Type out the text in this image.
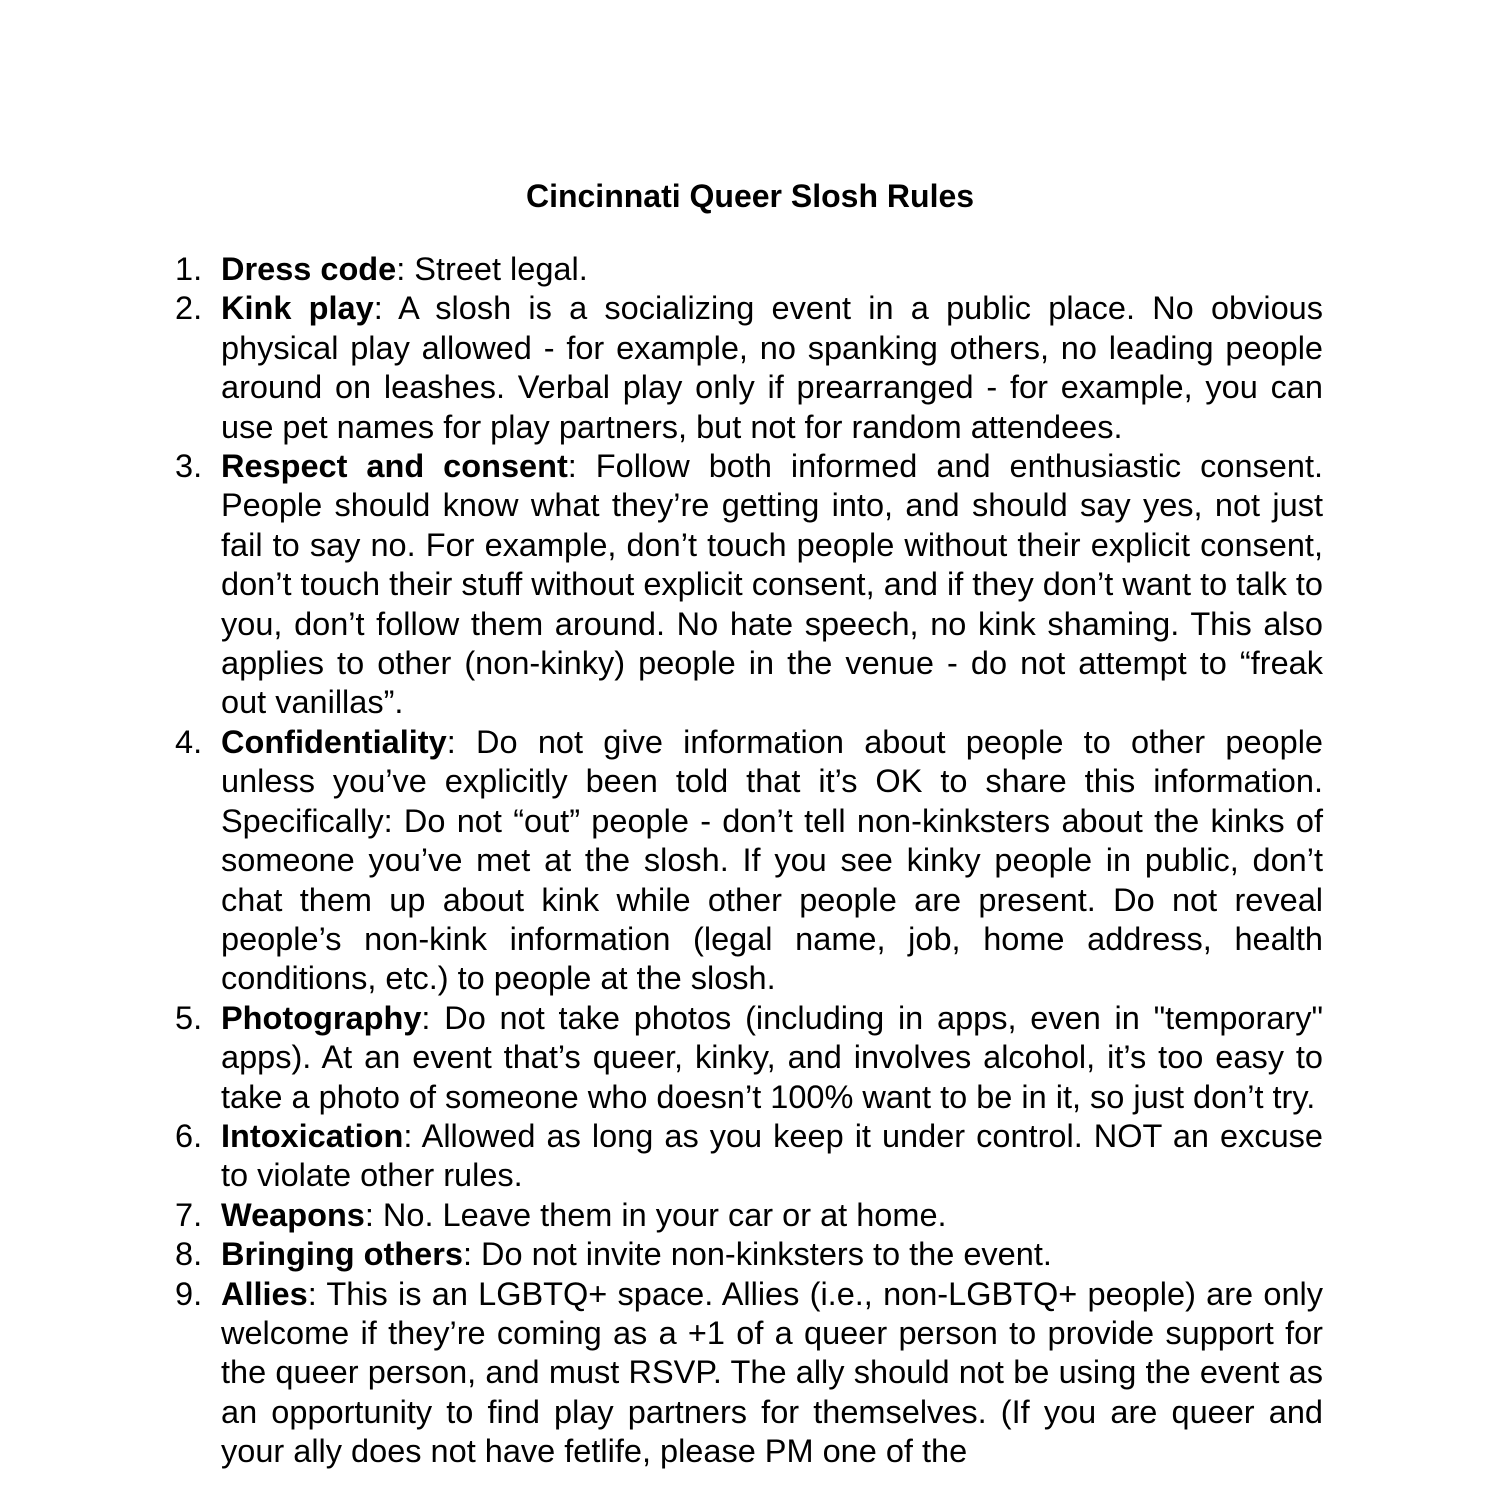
Cincinnati Queer Slosh Rules
1. Dress code: Street legal.
2. Kink play: A slosh is a socializing event in a public place. No obvious physical play allowed - for example, no spanking others, no leading people around on leashes. Verbal play only if prearranged - for example, you can use pet names for play partners, but not for random attendees.
3. Respect and consent: Follow both informed and enthusiastic consent. People should know what they’re getting into, and should say yes, not just fail to say no. For example, don’t touch people without their explicit consent, don’t touch their stuff without explicit consent, and if they don’t want to talk to you, don’t follow them around. No hate speech, no kink shaming. This also applies to other (non-kinky) people in the venue - do not attempt to “freak out vanillas”.
4. Confidentiality: Do not give information about people to other people unless you’ve explicitly been told that it’s OK to share this information. Specifically: Do not “out” people - don’t tell non-kinksters about the kinks of someone you’ve met at the slosh. If you see kinky people in public, don’t chat them up about kink while other people are present. Do not reveal people’s non-kink information (legal name, job, home address, health conditions, etc.) to people at the slosh.
5. Photography: Do not take photos (including in apps, even in "temporary" apps). At an event that’s queer, kinky, and involves alcohol, it’s too easy to take a photo of someone who doesn’t 100% want to be in it, so just don’t try.
6. Intoxication: Allowed as long as you keep it under control. NOT an excuse to violate other rules.
7. Weapons: No. Leave them in your car or at home.
8. Bringing others: Do not invite non-kinksters to the event.
9. Allies: This is an LGBTQ+ space. Allies (i.e., non-LGBTQ+ people) are only welcome if they’re coming as a +1 of a queer person to provide support for the queer person, and must RSVP. The ally should not be using the event as an opportunity to find play partners for themselves. (If you are queer and your ally does not have fetlife, please PM one of the
